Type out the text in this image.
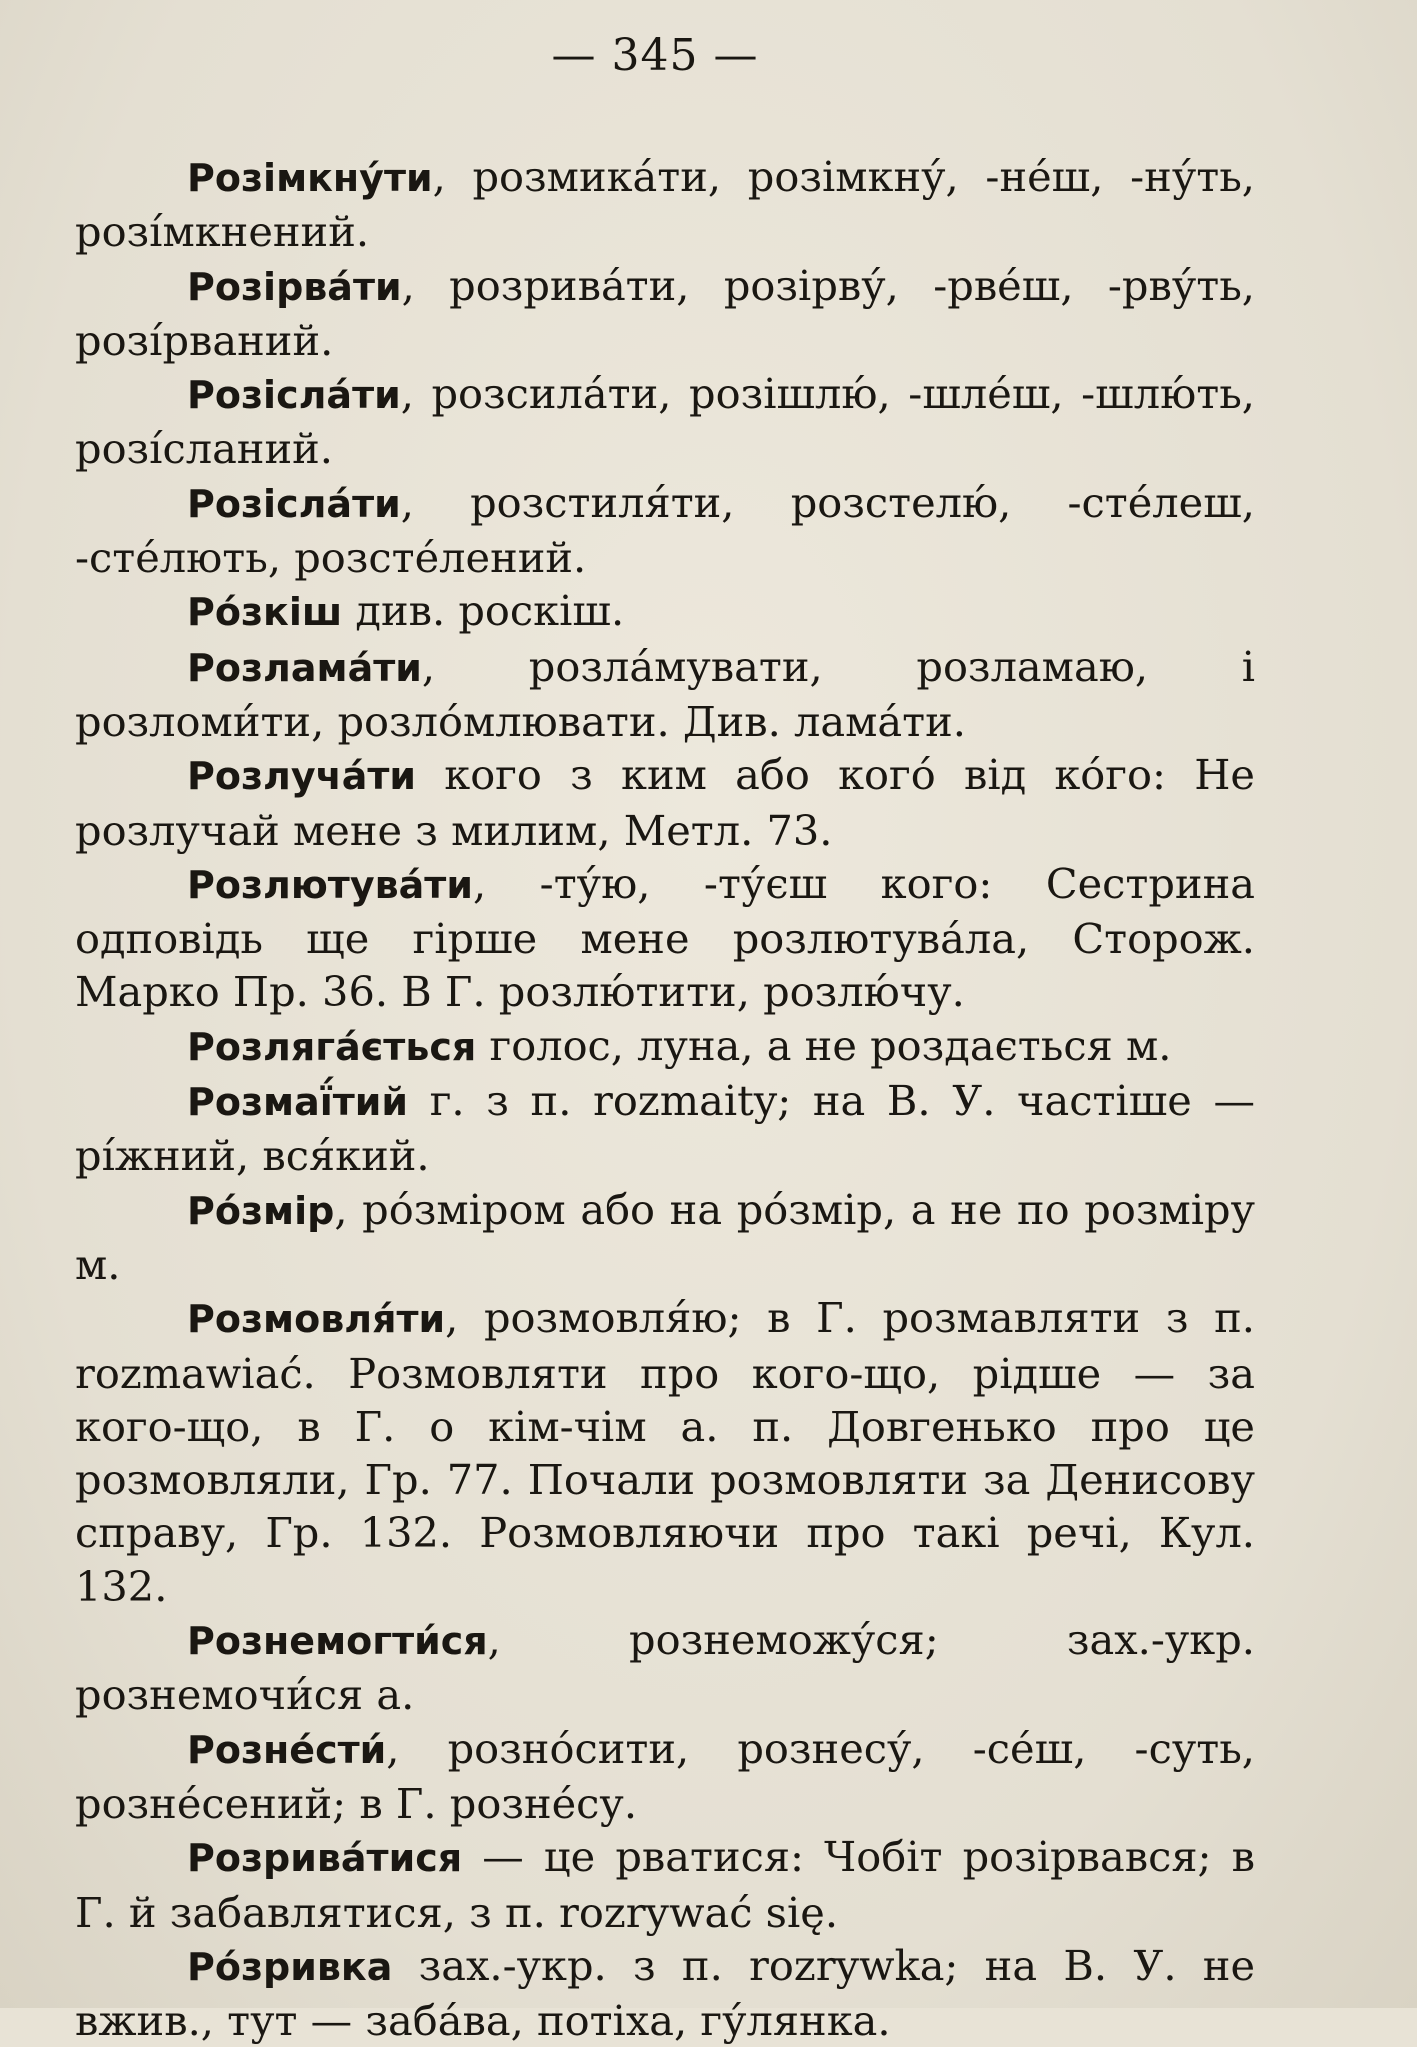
— 345 —

Розімкну́ти, розмика́ти, розімкну́, -не́ш, -ну́ть, розі́мкнений.

Розірва́ти, розрива́ти, розірву́, -рве́ш, -рву́ть, розі́рваний.

Розісла́ти, розсила́ти, розішлю́, -шле́ш, -шлю́ть, розі́сланий.

Розісла́ти, розстиля́ти, розстелю́, -сте́леш, -сте́лють, розсте́лений.

Ро́зкіш див. роскіш.

Розлама́ти, розла́мувати, розламаю, і розломи́ти, розло́млювати. Див. лама́ти.

Розлуча́ти кого з ким або когó від кóго: Не розлучай мене з милим, Метл. 73.

Розлютува́ти, -ту́ю, -ту́єш кого: Сестрина одповідь ще гірше мене розлютува́ла, Сторож. Марко Пр. 36. В Г. розлю́тити, розлю́чу.

Розляга́ється голос, луна, а не роздається м.

Розмаї́тий г. з п. rozmaity; на В. У. частіше — рі́жний, вся́кий.

Ро́змір, ро́зміром або на ро́змір, а не по розміру м.

Розмовля́ти, розмовля́ю; в Г. розмавляти з п. rozmawiać. Розмовляти про кого-що, рідше — за кого-що, в Г. о кім-чім а. п. Довгенько про це розмовляли, Гр. 77. Почали розмовляти за Денисову справу, Гр. 132. Розмовляючи про такі речі, Кул. 132.

Рознемогти́ся, рознеможу́ся; зах.-укр. рознемочи́ся а.

Розне́сти́, розно́сити, рознесу́, -се́ш, -суть, розне́сений; в Г. розне́су.

Розрива́тися — це рватися: Чобіт розірвався; в Г. й забавлятися, з п. rozrywać się.

Ро́зривка зах.-укр. з п. rozrywka; на В. У. не вжив., тут — заба́ва, потіха, гу́лянка.
